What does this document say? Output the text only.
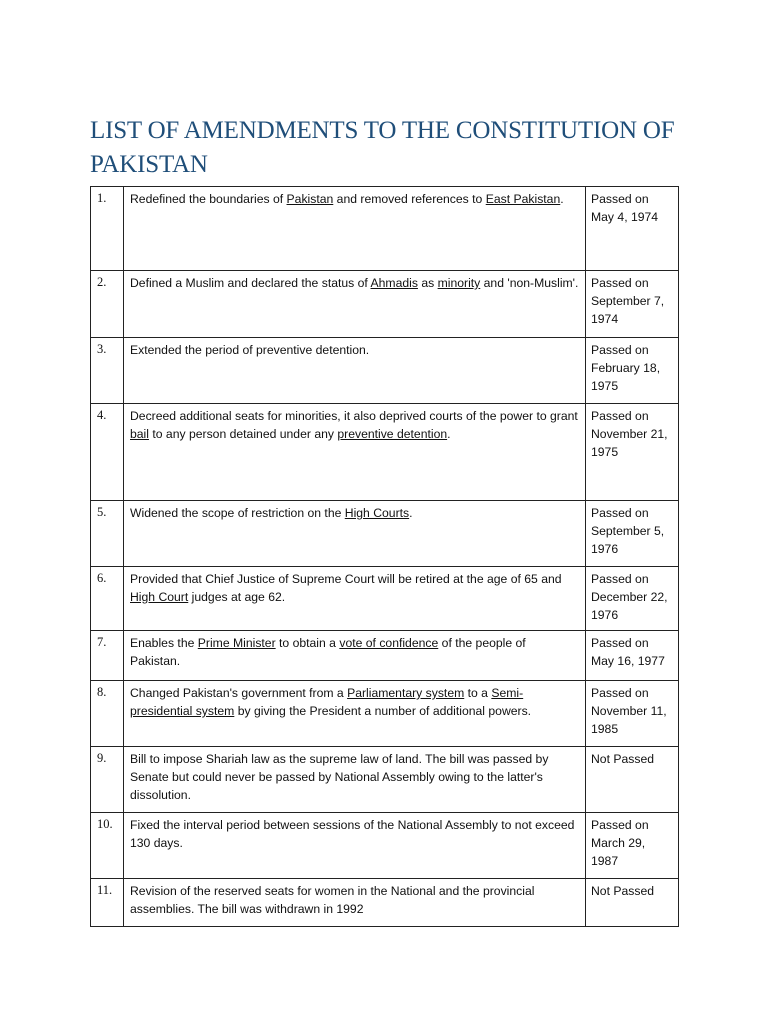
LIST OF AMENDMENTS TO THE CONSTITUTION OF PAKISTAN
1.	Redefined the boundaries of Pakistan and removed references to East Pakistan.	Passed on May 4, 1974
2.	Defined a Muslim and declared the status of Ahmadis as minority and 'non-Muslim'.	Passed on September 7, 1974
3.	Extended the period of preventive detention.	Passed on February 18, 1975
4.	Decreed additional seats for minorities, it also deprived courts of the power to grant bail to any person detained under any preventive detention.	Passed on November 21, 1975
5.	Widened the scope of restriction on the High Courts.	Passed on September 5, 1976
6.	Provided that Chief Justice of Supreme Court will be retired at the age of 65 and High Court judges at age 62.	Passed on December 22, 1976
7.	Enables the Prime Minister to obtain a vote of confidence of the people of Pakistan.	Passed on May 16, 1977
8.	Changed Pakistan's government from a Parliamentary system to a Semi-presidential system by giving the President a number of additional powers.	Passed on November 11, 1985
9.	Bill to impose Shariah law as the supreme law of land. The bill was passed by Senate but could never be passed by National Assembly owing to the latter's dissolution.	Not Passed
10.	Fixed the interval period between sessions of the National Assembly to not exceed 130 days.	Passed on March 29, 1987
11.	Revision of the reserved seats for women in the National and the provincial assemblies. The bill was withdrawn in 1992	Not Passed
